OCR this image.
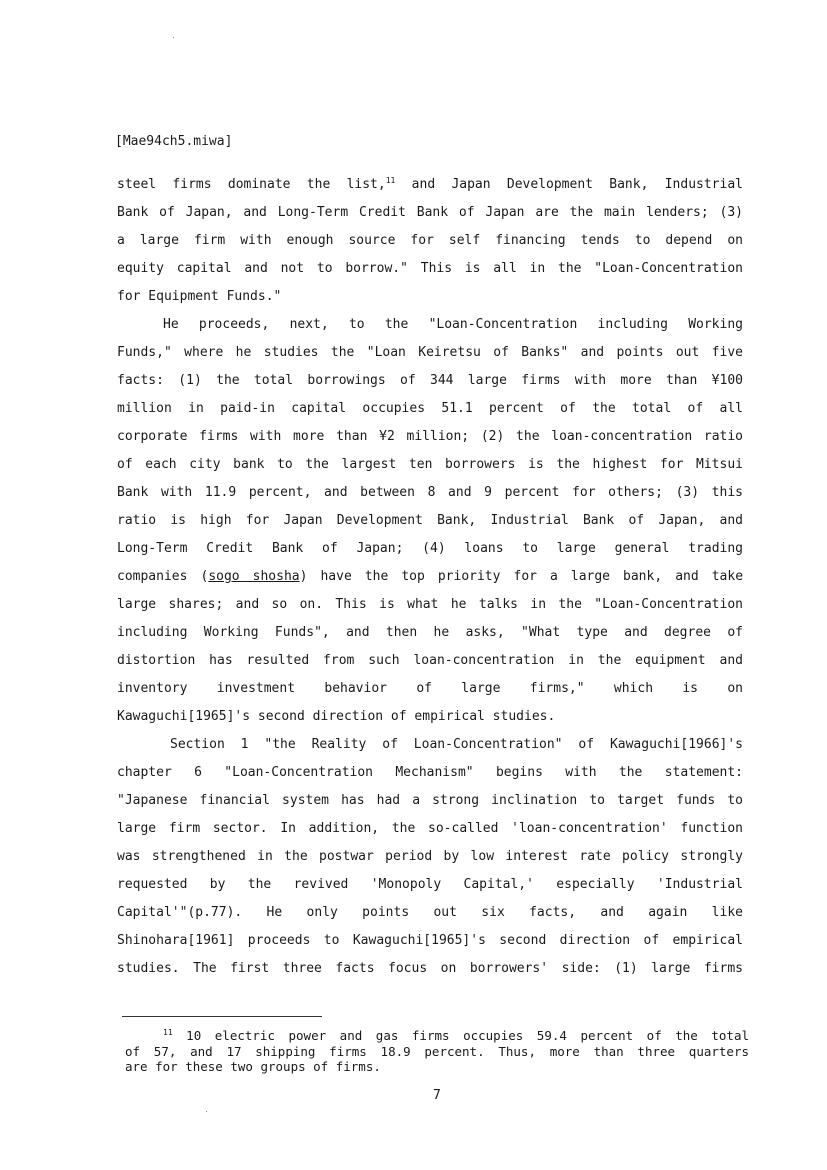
[Mae94ch5.miwa]
steel firms dominate the list,$^{11}$ and Japan Development Bank, Industrial
Bank of Japan, and Long-Term Credit Bank of Japan are the main lenders; (3)
a large firm with enough source for self financing tends to depend on
equity capital and not to borrow." This is all in the "Loan-Concentration
for Equipment Funds."
He proceeds, next, to the "Loan-Concentration including Working
Funds," where he studies the "Loan Keiretsu of Banks" and points out five
facts: (1) the total borrowings of 344 large firms with more than ¥100
million in paid-in capital occupies 51.1 percent of the total of all
corporate firms with more than ¥2 million; (2) the loan-concentration ratio
of each city bank to the largest ten borrowers is the highest for Mitsui
Bank with 11.9 percent, and between 8 and 9 percent for others; (3) this
ratio is high for Japan Development Bank, Industrial Bank of Japan, and
Long-Term Credit Bank of Japan; (4) loans to large general trading
companies (sogo shosha) have the top priority for a large bank, and take
large shares; and so on. This is what he talks in the "Loan-Concentration
including Working Funds", and then he asks, "What type and degree of
distortion has resulted from such loan-concentration in the equipment and
inventory investment behavior of large firms," which is on
Kawaguchi[1965]'s second direction of empirical studies.
Section 1 "the Reality of Loan-Concentration" of Kawaguchi[1966]'s
chapter 6 "Loan-Concentration Mechanism" begins with the statement:
"Japanese financial system has had a strong inclination to target funds to
large firm sector. In addition, the so-called 'loan-concentration' function
was strengthened in the postwar period by low interest rate policy strongly
requested by the revived 'Monopoly Capital,' especially 'Industrial
Capital'"(p.77). He only points out six facts, and again like
Shinohara[1961] proceeds to Kawaguchi[1965]'s second direction of empirical
studies. The first three facts focus on borrowers' side: (1) large firms
$^{11}$ 10 electric power and gas firms occupies 59.4 percent of the total
of 57, and 17 shipping firms 18.9 percent. Thus, more than three quarters
are for these two groups of firms.
7
